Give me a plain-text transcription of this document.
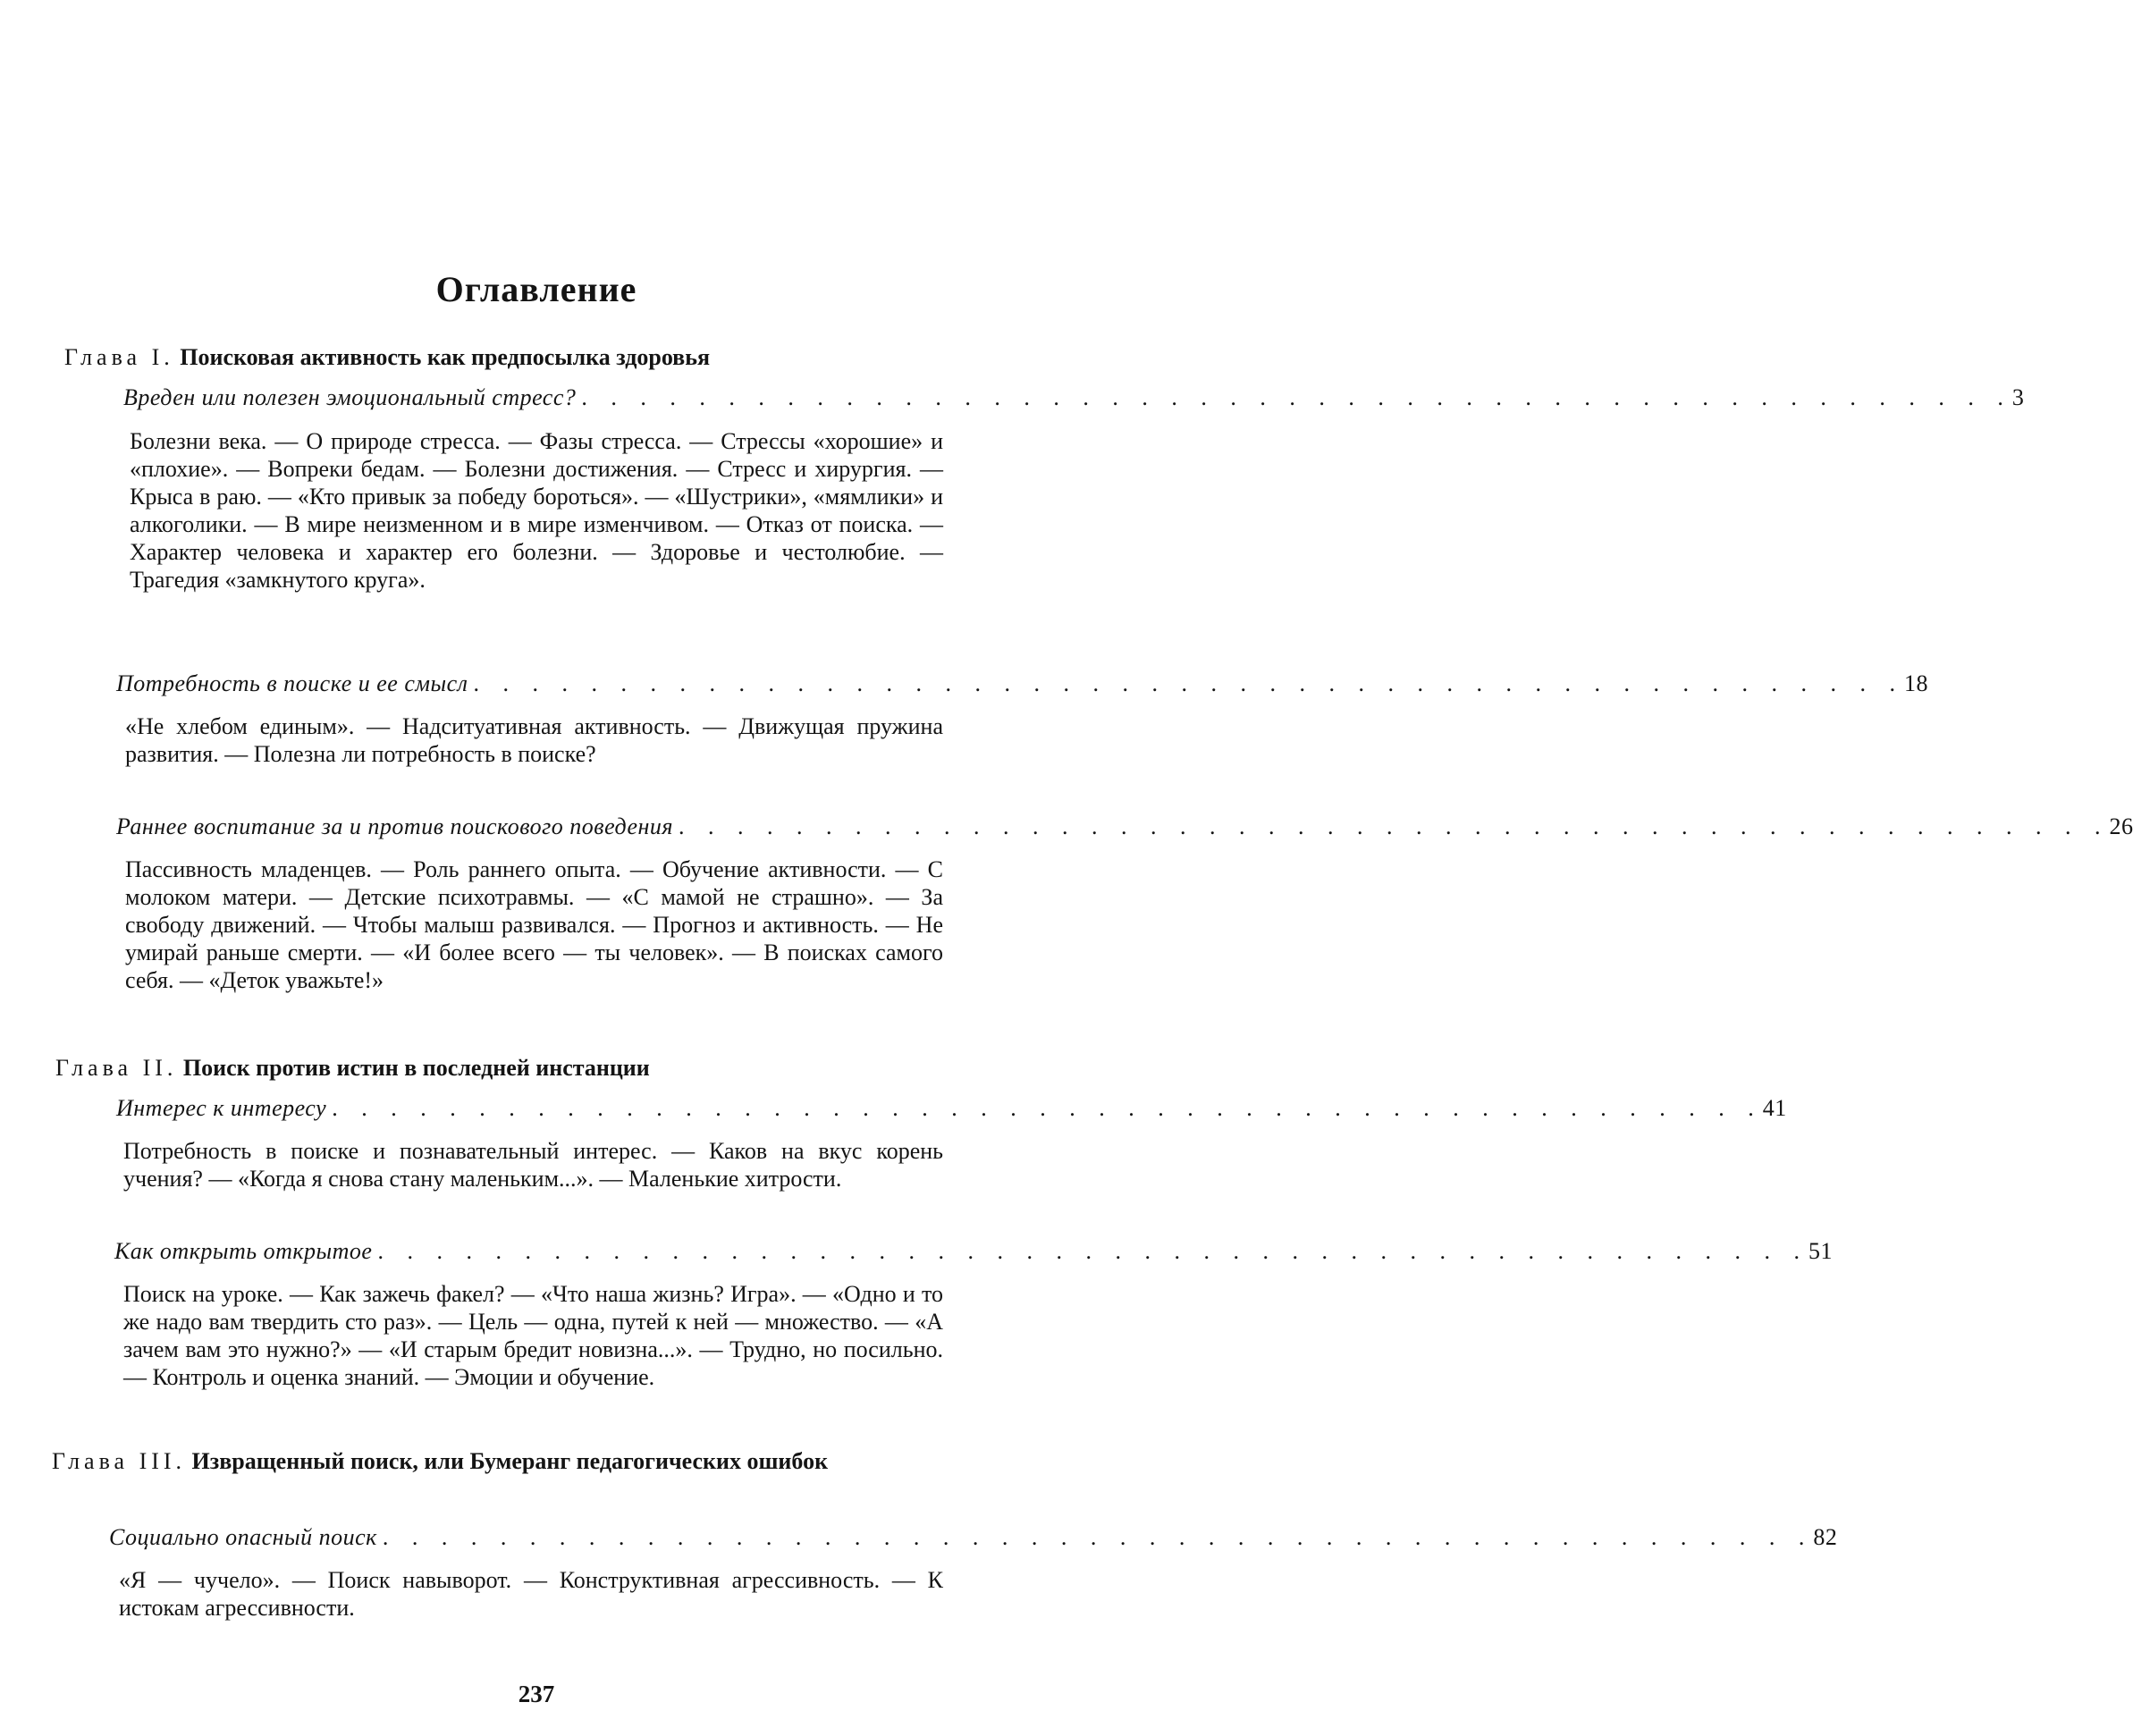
Оглавление
Глава I. Поисковая активность как предпосылка здоровья
Вреден или полезен эмоциональный стресс? . . . . . . . . . . . . . . . . . . . . . . . . . . . . . . . . . . . . . . . . . . . . . . . . . 3
Болезни века. — О природе стресса. — Фазы стресса. — Стрессы «хорошие» и «плохие». — Вопреки бедам. — Болезни достижения. — Стресс и хирургия. — Крыса в раю. — «Кто привык за победу бороться». — «Шустрики», «мямлики» и алкоголики. — В мире неизменном и в мире изменчивом. — Отказ от поиска. — Характер человека и характер его болезни. — Здоровье и честолюбие. — Трагедия «замкнутого круга».
Потребность в поиске и ее смысл . . . . . . . . . . . . . . . . . . . . . . . . . . . . . . . . . . . . . . . . . . . . . . . . . 18
«Не хлебом единым». — Надситуативная активность. — Движущая пружина развития. — Полезна ли потребность в поиске?
Раннее воспитание за и против поискового поведения . . . . . . . . . . . . . . . . . . . . . . . . . . . . . . . . . . . . . . . . . . . . . . . . . 26
Пассивность младенцев. — Роль раннего опыта. — Обучение активности. — С молоком матери. — Детские психотравмы. — «С мамой не страшно». — За свободу движений. — Чтобы малыш развивался. — Прогноз и активность. — Не умирай раньше смерти. — «И более всего — ты человек». — В поисках самого себя. — «Деток уважьте!»
Глава II. Поиск против истин в последней инстанции
Интерес к интересу . . . . . . . . . . . . . . . . . . . . . . . . . . . . . . . . . . . . . . . . . . . . . . . . . 41
Потребность в поиске и познавательный интерес. — Каков на вкус корень учения? — «Когда я снова стану маленьким...». — Маленькие хитрости.
Как открыть открытое . . . . . . . . . . . . . . . . . . . . . . . . . . . . . . . . . . . . . . . . . . . . . . . . . 51
Поиск на уроке. — Как зажечь факел? — «Что наша жизнь? Игра». — «Одно и то же надо вам твердить сто раз». — Цель — одна, путей к ней — множество. — «А зачем вам это нужно?» — «И старым бредит новизна...». — Трудно, но посильно. — Контроль и оценка знаний. — Эмоции и обучение.
Глава III. Извращенный поиск, или Бумеранг педагогических ошибок
Социально опасный поиск . . . . . . . . . . . . . . . . . . . . . . . . . . . . . . . . . . . . . . . . . . . . . . . . . 82
«Я — чучело». — Поиск навыворот. — Конструктивная агрессивность. — К истокам агрессивности.
237
